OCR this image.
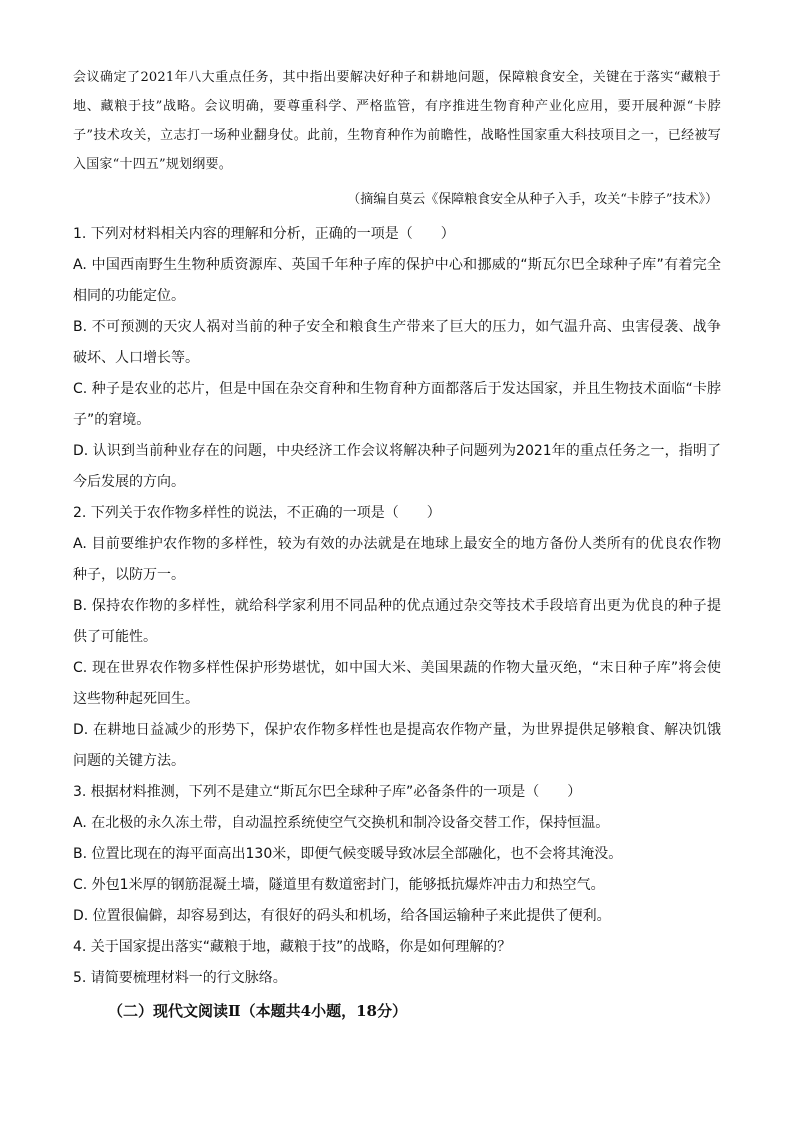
会议确定了2021年八大重点任务，其中指出要解决好种子和耕地问题，保障粮食安全，关键在于落实“藏粮于地、藏粮于技”战略。会议明确，要尊重科学、严格监管，有序推进生物育种产业化应用，要开展种源“卡脖子”技术攻关，立志打一场种业翻身仗。此前，生物育种作为前瞻性，战略性国家重大科技项目之一，已经被写入国家“十四五”规划纲要。
（摘编自莫云《保障粮食安全从种子入手，攻关“卡脖子”技术》）

1. 下列对材料相关内容的理解和分析，正确的一项是（　　）

A. 中国西南野生生物种质资源库、英国千年种子库的保护中心和挪威的“斯瓦尔巴全球种子库”有着完全相同的功能定位。

B. 不可预测的天灾人祸对当前的种子安全和粮食生产带来了巨大的压力，如气温升高、虫害侵袭、战争破坏、人口增长等。

C. 种子是农业的芯片，但是中国在杂交育种和生物育种方面都落后于发达国家，并且生物技术面临“卡脖子”的窘境。

D. 认识到当前种业存在的问题，中央经济工作会议将解决种子问题列为2021年的重点任务之一，指明了今后发展的方向。

2. 下列关于农作物多样性的说法，不正确的一项是（　　）

A. 目前要维护农作物的多样性，较为有效的办法就是在地球上最安全的地方备份人类所有的优良农作物种子，以防万一。

B. 保持农作物的多样性，就给科学家利用不同品种的优点通过杂交等技术手段培育出更为优良的种子提供了可能性。

C. 现在世界农作物多样性保护形势堪忧，如中国大米、美国果蔬的作物大量灭绝，“末日种子库”将会使这些物种起死回生。

D. 在耕地日益减少的形势下，保护农作物多样性也是提高农作物产量，为世界提供足够粮食、解决饥饿问题的关键方法。

3. 根据材料推测，下列不是建立“斯瓦尔巴全球种子库”必备条件的一项是（　　）

A. 在北极的永久冻土带，自动温控系统使空气交换机和制冷设备交替工作，保持恒温。

B. 位置比现在的海平面高出130米，即便气候变暖导致冰层全部融化，也不会将其淹没。

C. 外包1米厚的钢筋混凝土墙，隧道里有数道密封门，能够抵抗爆炸冲击力和热空气。

D. 位置很偏僻，却容易到达，有很好的码头和机场，给各国运输种子来此提供了便利。

4. 关于国家提出落实“藏粮于地，藏粮于技”的战略，你是如何理解的？

5. 请简要梳理材料一的行文脉络。

（二）现代文阅读Ⅱ（本题共4小题，18分）
